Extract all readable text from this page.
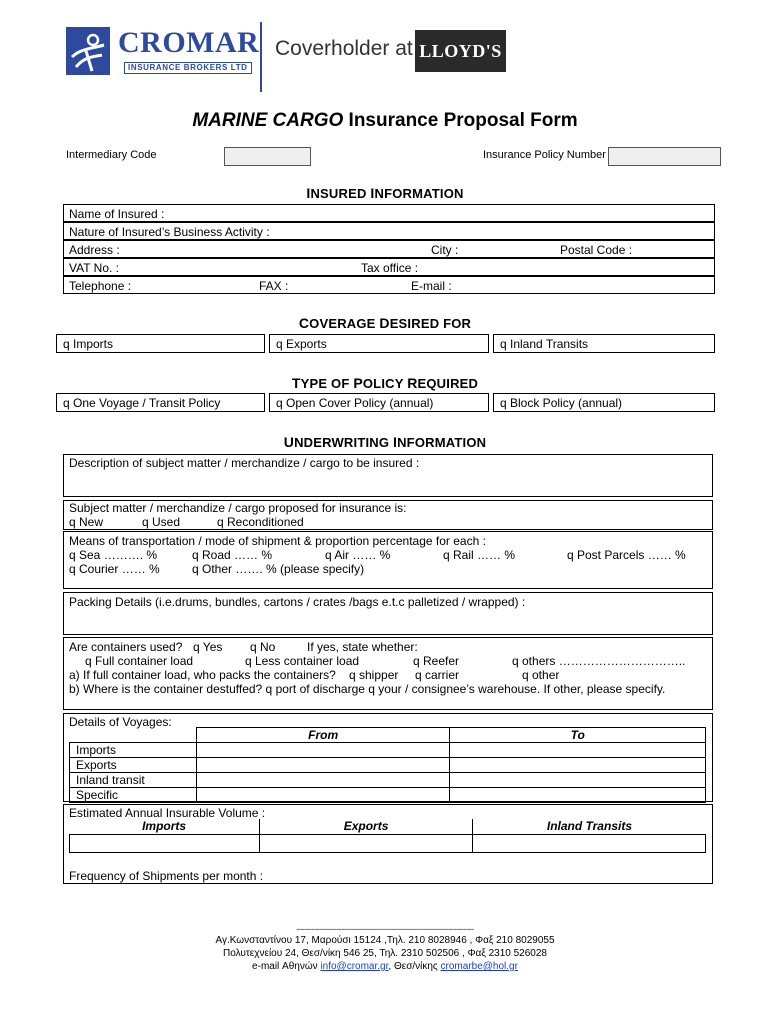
CROMAR
INSURANCE BROKERS LTD
Coverholder at LLOYD'S
MARINE CARGO Insurance Proposal Form
Intermediary Code	Insurance Policy Number
INSURED INFORMATION
Name of Insured :
Nature of Insured’s Business Activity :
Address :	City :	Postal Code :
VAT No. :	Tax office :
Telephone :	FAX :	E-mail :
COVERAGE DESIRED FOR
q Imports	q Exports	q Inland Transits
TYPE OF POLICY REQUIRED
q One Voyage / Transit Policy	q Open Cover Policy (annual)	q Block Policy (annual)
UNDERWRITING INFORMATION
Description of subject matter / merchandize / cargo to be insured :
Subject matter / merchandize / cargo proposed for insurance is:
q New	q Used	q Reconditioned
Means of transportation / mode of shipment & proportion percentage for each :
q Sea ………. %	q Road …… %	q Air …… %	q Rail …… %	q Post Parcels …… %
q Courier …… %	q Other ……. % (please specify)
Packing Details (i.e.drums, bundles, cartons / crates /bags e.t.c palletized / wrapped) :
Are containers used? q Yes q No	If yes, state whether:
q Full container load	q Less container load	q Reefer	q others …………………………..
a) If full container load, who packs the containers? q shipper q carrier	q other
b) Where is the container destuffed? q port of discharge q your / consignee’s warehouse. If other, please specify.
Details of Voyages:
	From	To
Imports		
Exports		
Inland transit		
Specific		
Estimated Annual Insurable Volume :
Frequency of Shipments per month :
Imports	Exports	Inland Transits

-----------------------------------------------------------------------
Αγ.Κωνσταντίνου 17, Μαρούσι 15124 ,Τηλ. 210 8028946 , Φαξ 210 8029055
Πολυτεχνείου 24, Θεσ/νίκη 546 25, Τηλ. 2310 502506 , Φαξ 2310 526028
e-mail Αθηνών info@cromar.gr, Θεσ/νίκης cromarbe@hol.gr
